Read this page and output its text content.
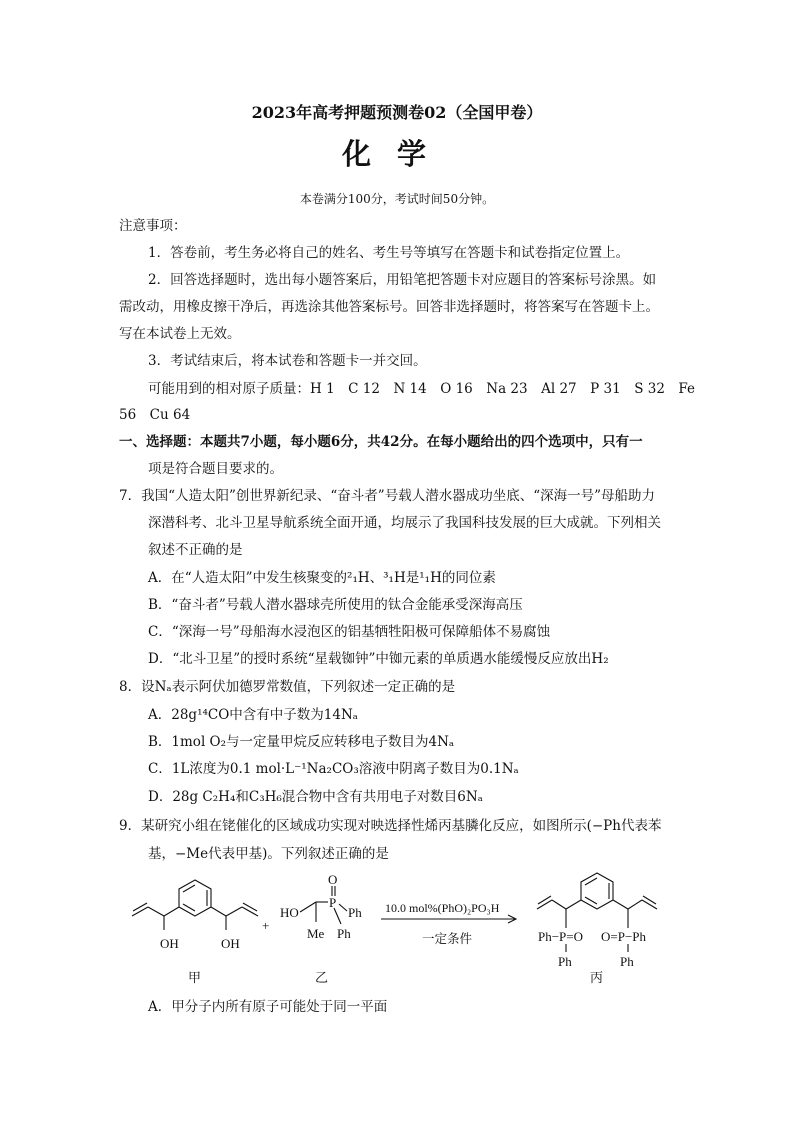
2023年高考押题预测卷02（全国甲卷）
化学
本卷满分100分，考试时间50分钟。
注意事项：
1．答卷前，考生务必将自己的姓名、考生号等填写在答题卡和试卷指定位置上。
2．回答选择题时，选出每小题答案后，用铅笔把答题卡对应题目的答案标号涂黑。如
需改动，用橡皮擦干净后，再选涂其他答案标号。回答非选择题时，将答案写在答题卡上。
写在本试卷上无效。
3．考试结束后，将本试卷和答题卡一并交回。
可能用到的相对原子质量：H 1　C 12　N 14　O 16　Na 23　Al 27　P 31　S 32　Fe
56　Cu 64
一、选择题：本题共7小题，每小题6分，共42分。在每小题给出的四个选项中，只有一
项是符合题目要求的。
7．我国“人造太阳”创世界新纪录、“奋斗者”号载人潜水器成功坐底、“深海一号”母船助力
深潜科考、北斗卫星导航系统全面开通，均展示了我国科技发展的巨大成就。下列相关
叙述不正确的是
A．在“人造太阳”中发生核聚变的²₁H、³₁H是¹₁H的同位素
B．“奋斗者”号载人潜水器球壳所使用的钛合金能承受深海高压
C．“深海一号”母船海水浸泡区的铝基牺牲阳极可保障船体不易腐蚀
D．“北斗卫星”的授时系统“星载铷钟”中铷元素的单质遇水能缓慢反应放出H₂
8．设Nₐ表示阿伏加德罗常数值，下列叙述一定正确的是
A．28g¹⁴CO中含有中子数为14Nₐ
B．1mol O₂与一定量甲烷反应转移电子数目为4Nₐ
C．1L浓度为0.1 mol·L⁻¹Na₂CO₃溶液中阴离子数目为0.1Nₐ
D．28g C₂H₄和C₃H₆混合物中含有共用电子对数目6Nₐ
9．某研究小组在铑催化的区域成功实现对映选择性烯丙基膦化反应，如图所示(−Ph代表苯
基，−Me代表甲基)。下列叙述正确的是
OH	OH
+
HO
O
P
Ph
Ph
Me
10.0 mol%(PhO)₂PO₃H
一定条件	Ph−P=O O=P−Ph
Ph	Ph
甲	乙	丙
A．甲分子内所有原子可能处于同一平面
